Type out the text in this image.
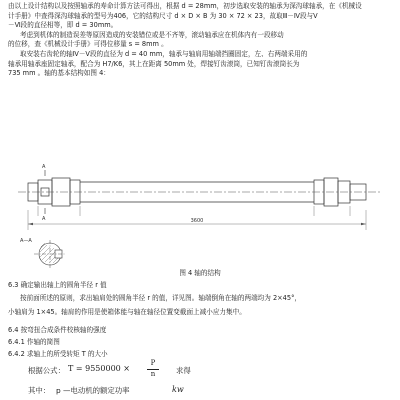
由以上设计结构以及按照轴承的寿命计算方法可得出，根据 d = 28mm，初步选取安装的轴承为深沟球轴承，在《机械设

计手册》中查得深沟球轴承的型号为406，它的结构尺寸 d × D × B 为 30 × 72 × 23，故取Ⅲ－Ⅳ段与Ⅴ

－Ⅵ段的直径相等，即 d = 30mm。

考虑到机体的制造误差等原因造成的安装错位或是不齐等，滚动轴承应在机体内有一段移动

的位移，查《机械设计手册》可得位移量 s = 8mm 。

取安装右齿轮的轴Ⅳ－Ⅴ段的直径为 d = 40 mm，轴承与轴肩用轴端挡圈固定，左、右两端采用的

轴承用轴承座固定轴承，配合为 H7/K6，其上在距离 50mm 处，焊接钉齿滚筒，已知钉齿滚筒长为

735 mm 。轴的基本结构如图 4：

A
A	3600
A—A
图 4 轴的结构
6.3 确定输出轴上的圆角半径 r 值
按前面所述的原则，求出轴肩处的圆角半径 r 的值，详见图。轴端倒角在轴的两端均为 2×45°，
小轴肩为 1×45。轴肩的作用是使箱体能与轴在轴径位置变截面上减小应力集中。
6.4 按弯扭合成条件校核轴的强度
6.4.1 作轴的简图
6.4.2 求轴上的所受转矩 T 的大小
根据公式： T = 9550000 ×
P
n	求得
其中： p —电动机的额定功率	kw
